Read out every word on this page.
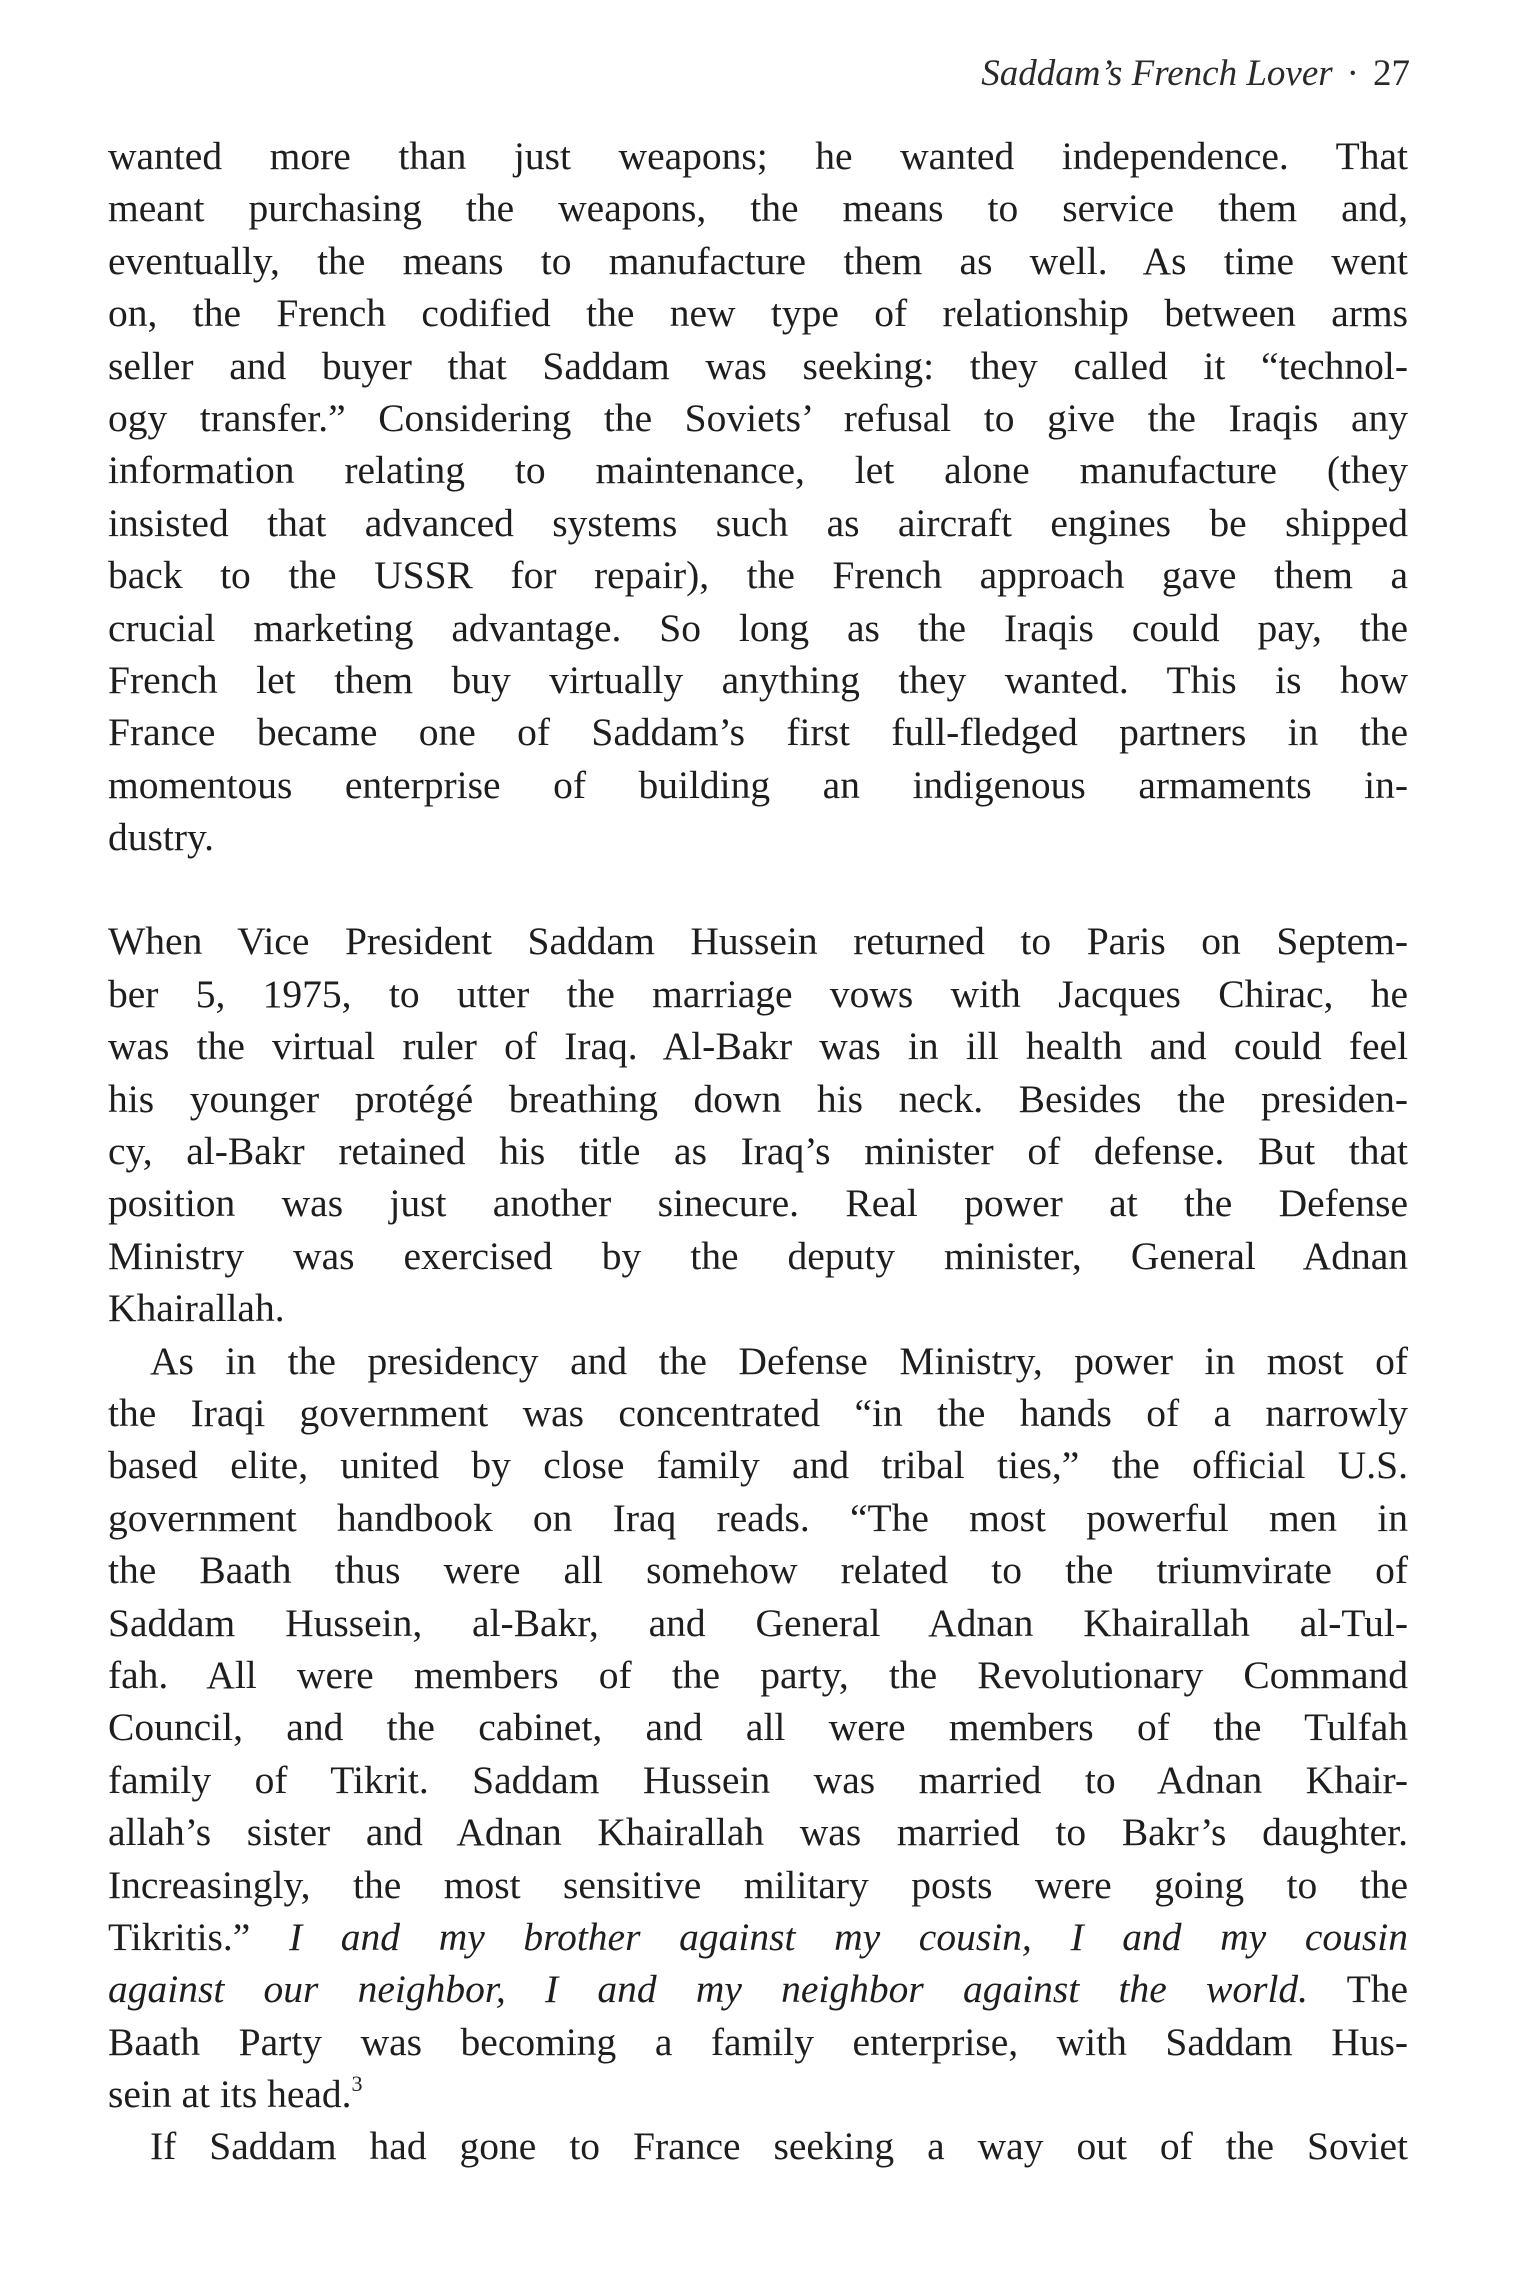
Saddam’s French Lover · 27
wanted more than just weapons; he wanted independence. That
meant purchasing the weapons, the means to service them and,
eventually, the means to manufacture them as well. As time went
on, the French codified the new type of relationship between arms
seller and buyer that Saddam was seeking: they called it “technol-
ogy transfer.” Considering the Soviets’ refusal to give the Iraqis any
information relating to maintenance, let alone manufacture (they
insisted that advanced systems such as aircraft engines be shipped
back to the USSR for repair), the French approach gave them a
crucial marketing advantage. So long as the Iraqis could pay, the
French let them buy virtually anything they wanted. This is how
France became one of Saddam’s first full-fledged partners in the
momentous enterprise of building an indigenous armaments in-
dustry.
When Vice President Saddam Hussein returned to Paris on Septem-
ber 5, 1975, to utter the marriage vows with Jacques Chirac, he
was the virtual ruler of Iraq. Al-Bakr was in ill health and could feel
his younger protégé breathing down his neck. Besides the presiden-
cy, al-Bakr retained his title as Iraq’s minister of defense. But that
position was just another sinecure. Real power at the Defense
Ministry was exercised by the deputy minister, General Adnan
Khairallah.
As in the presidency and the Defense Ministry, power in most of
the Iraqi government was concentrated “in the hands of a narrowly
based elite, united by close family and tribal ties,” the official U.S.
government handbook on Iraq reads. “The most powerful men in
the Baath thus were all somehow related to the triumvirate of
Saddam Hussein, al-Bakr, and General Adnan Khairallah al-Tul-
fah. All were members of the party, the Revolutionary Command
Council, and the cabinet, and all were members of the Tulfah
family of Tikrit. Saddam Hussein was married to Adnan Khair-
allah’s sister and Adnan Khairallah was married to Bakr’s daughter.
Increasingly, the most sensitive military posts were going to the
Tikritis.” I and my brother against my cousin, I and my cousin
against our neighbor, I and my neighbor against the world. The
Baath Party was becoming a family enterprise, with Saddam Hus-
sein at its head.$^3$
If Saddam had gone to France seeking a way out of the Soviet
